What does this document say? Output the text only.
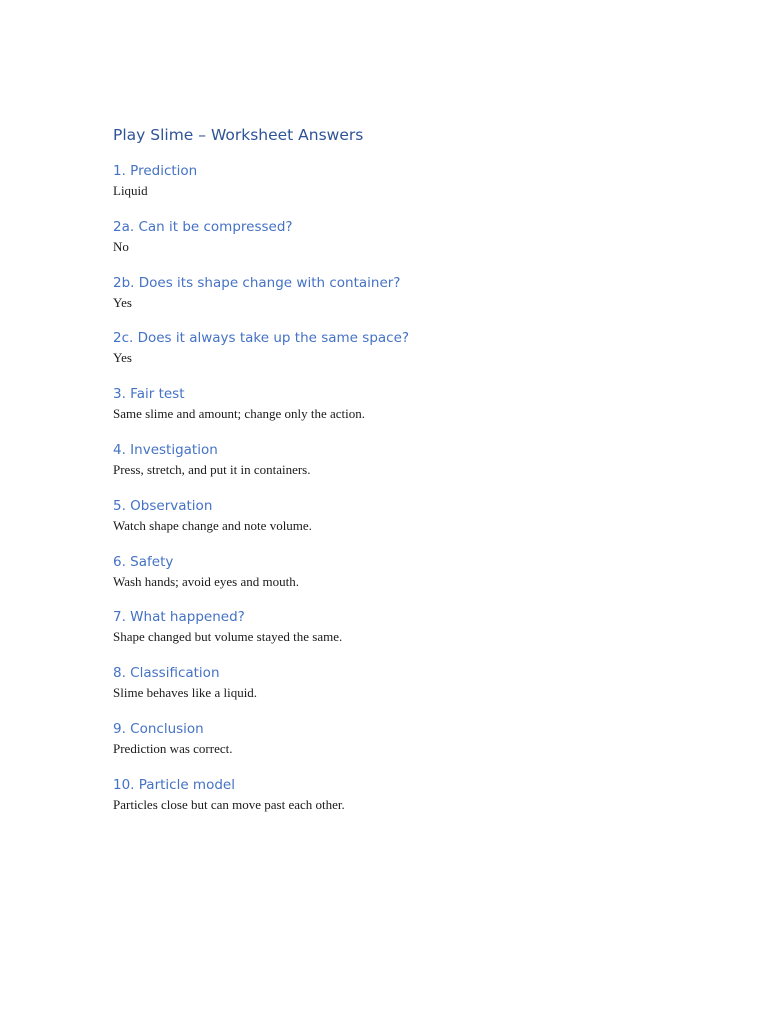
Play Slime – Worksheet Answers

1. Prediction

Liquid

2a. Can it be compressed?

No

2b. Does its shape change with container?

Yes

2c. Does it always take up the same space?

Yes

3. Fair test

Same slime and amount; change only the action.

4. Investigation

Press, stretch, and put it in containers.

5. Observation

Watch shape change and note volume.

6. Safety

Wash hands; avoid eyes and mouth.

7. What happened?

Shape changed but volume stayed the same.

8. Classification

Slime behaves like a liquid.

9. Conclusion

Prediction was correct.

10. Particle model

Particles close but can move past each other.
